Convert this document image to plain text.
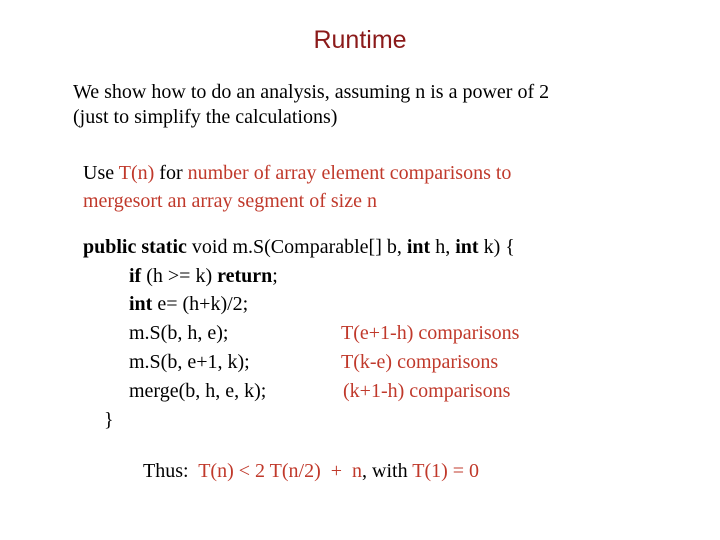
Runtime
We show how to do an analysis, assuming n is a power of 2
(just to simplify the calculations)
Use T(n) for number of array element comparisons to
mergesort an array segment of size n
public static void m.S(Comparable[] b, int h, int k) {
if (h >= k) return;
int e= (h+k)/2;
m.S(b, h, e);
m.S(b, e+1, k);
merge(b, h, e, k);
}
T(e+1-h) comparisons
T(k-e) comparisons
(k+1-h) comparisons
Thus:  T(n) < 2 T(n/2)  +  n, with T(1) = 0
